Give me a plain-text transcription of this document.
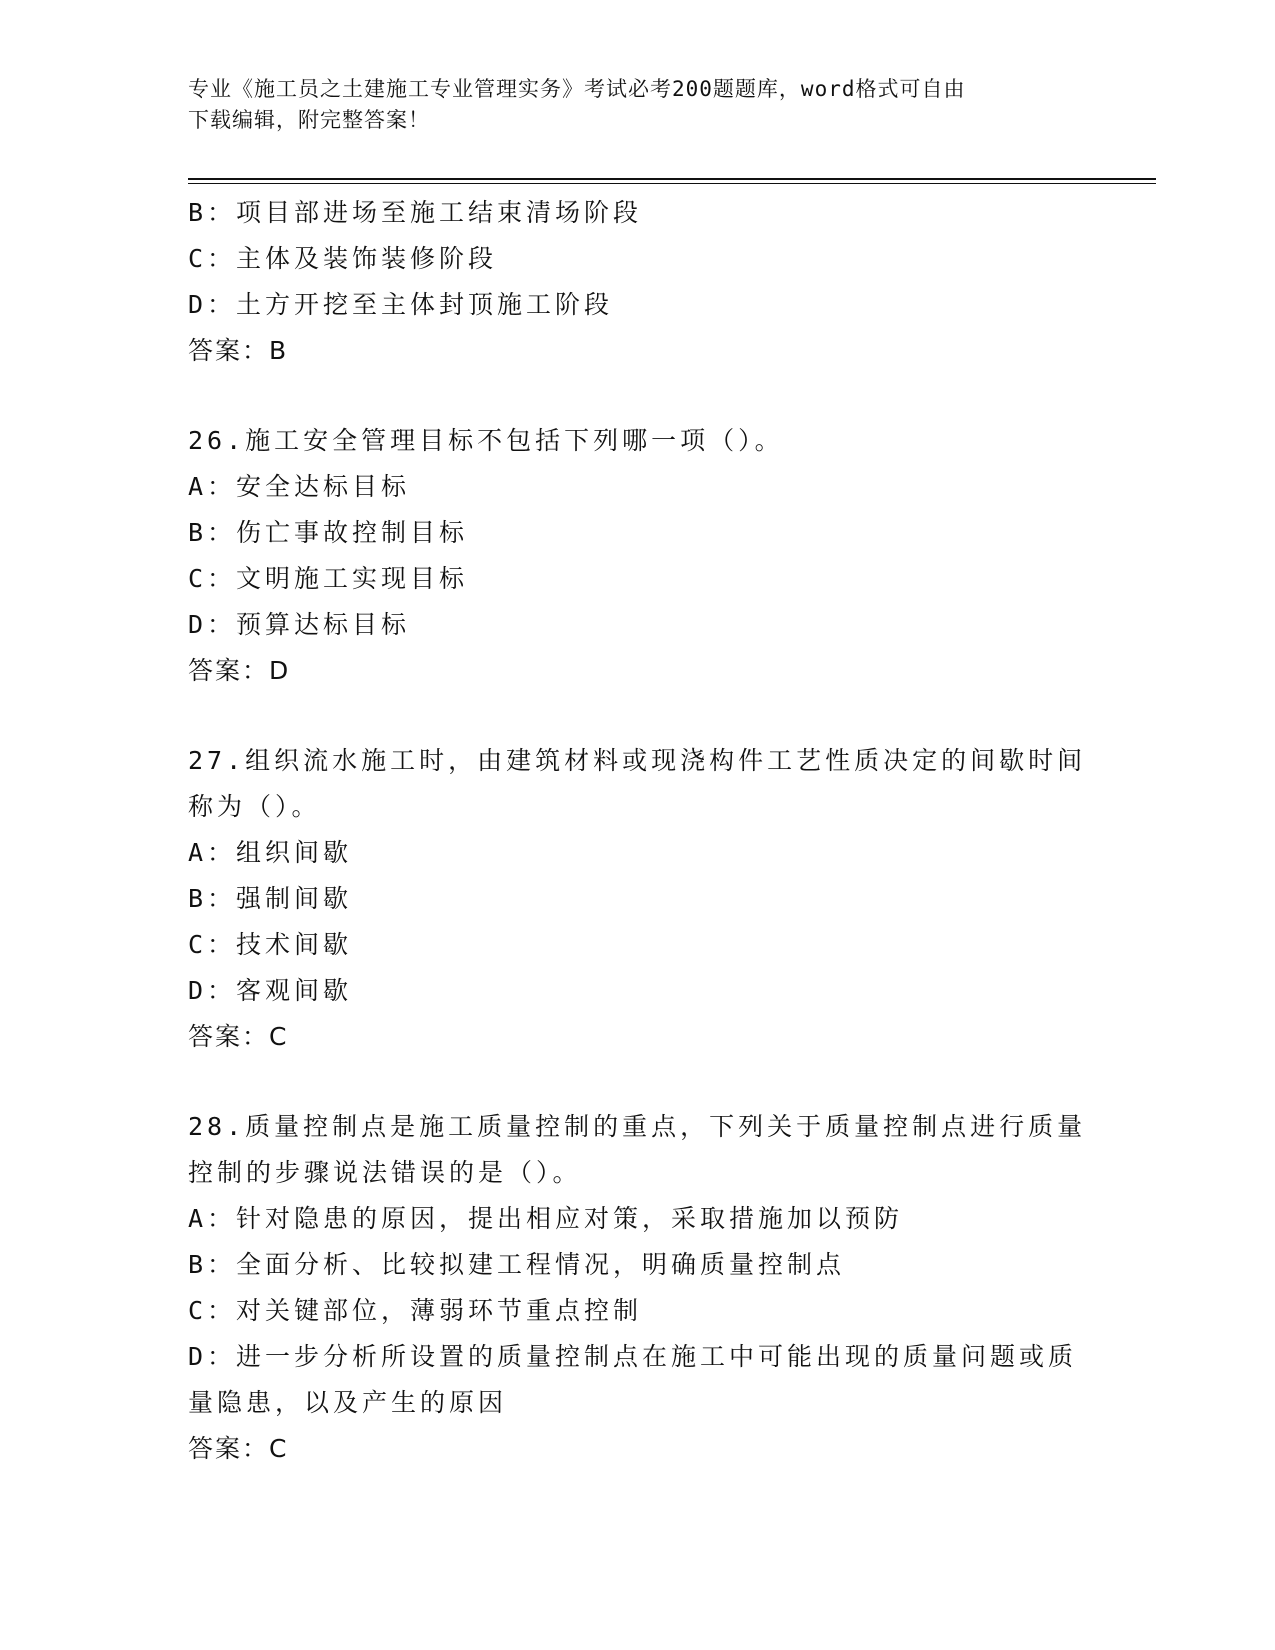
专业《施工员之土建施工专业管理实务》考试必考200题题库，word格式可自由
下载编辑，附完整答案！
B：项目部进场至施工结束清场阶段
C：主体及装饰装修阶段
D：土方开挖至主体封顶施工阶段
答案：B
26.施工安全管理目标不包括下列哪一项（）。
A：安全达标目标
B：伤亡事故控制目标
C：文明施工实现目标
D：预算达标目标
答案：D
27.组织流水施工时，由建筑材料或现浇构件工艺性质决定的间歇时间
称为（）。
A：组织间歇
B：强制间歇
C：技术间歇
D：客观间歇
答案：C
28.质量控制点是施工质量控制的重点，下列关于质量控制点进行质量
控制的步骤说法错误的是（）。
A：针对隐患的原因，提出相应对策，采取措施加以预防
B：全面分析、比较拟建工程情况，明确质量控制点
C：对关键部位，薄弱环节重点控制
D：进一步分析所设置的质量控制点在施工中可能出现的质量问题或质
量隐患，以及产生的原因
答案：C
